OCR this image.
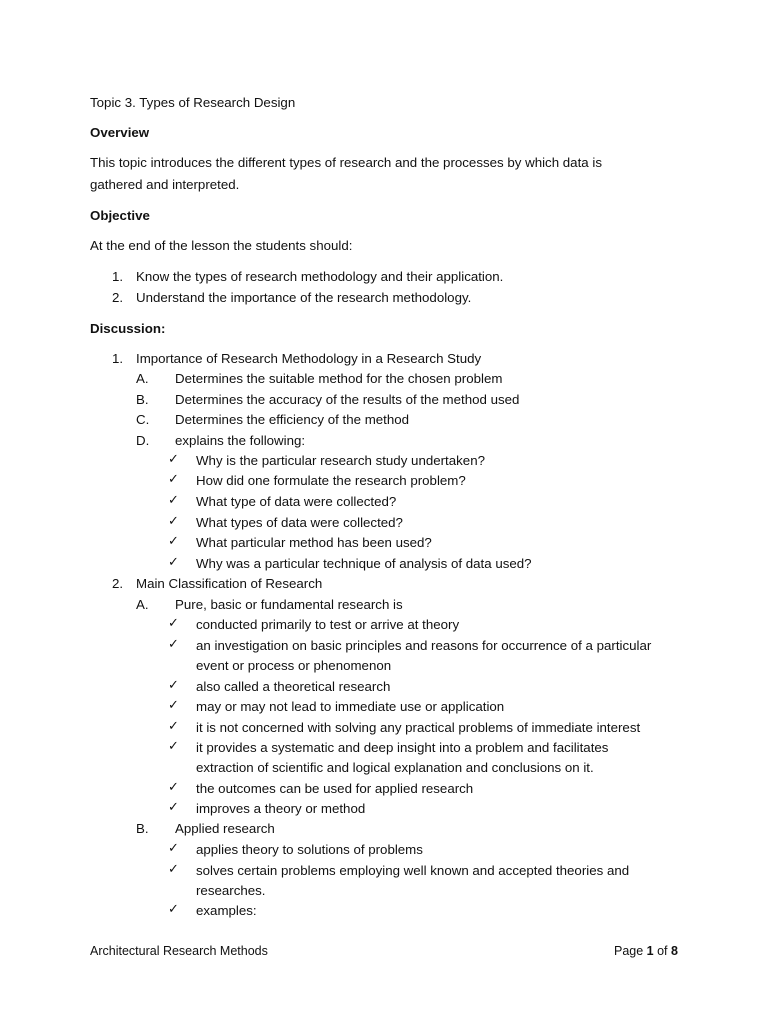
Topic 3. Types of Research Design
Overview
This topic introduces the different types of research and the processes by which data is
gathered and interpreted.
Objective
At the end of the lesson the students should:
1. Know the types of research methodology and their application.
2. Understand the importance of the research methodology.
Discussion:
1. Importance of Research Methodology in a Research Study
A. Determines the suitable method for the chosen problem
B. Determines the accuracy of the results of the method used
C. Determines the efficiency of the method
D. explains the following:
✓ Why is the particular research study undertaken?
✓ How did one formulate the research problem?
✓ What type of data were collected?
✓ What types of data were collected?
✓ What particular method has been used?
✓ Why was a particular technique of analysis of data used?
2. Main Classification of Research
A. Pure, basic or fundamental research is
✓ conducted primarily to test or arrive at theory
✓ an investigation on basic principles and reasons for occurrence of a particular
event or process or phenomenon
✓ also called a theoretical research
✓ may or may not lead to immediate use or application
✓ it is not concerned with solving any practical problems of immediate interest
✓ it provides a systematic and deep insight into a problem and facilitates
extraction of scientific and logical explanation and conclusions on it.
✓ the outcomes can be used for applied research
✓ improves a theory or method
B. Applied research
✓ applies theory to solutions of problems
✓ solves certain problems employing well known and accepted theories and
researches.
✓ examples:
Architectural Research Methods	Page 1 of 8
